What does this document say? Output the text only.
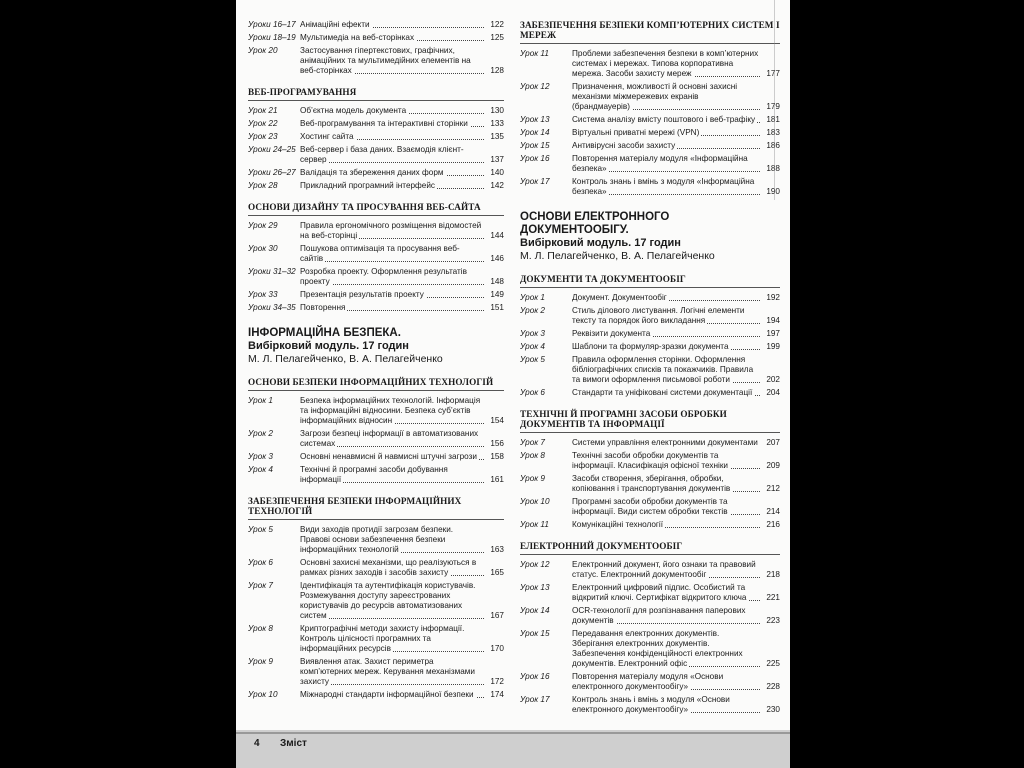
Уроки 16–17 Анімаційні ефекти	122
Уроки 18–19 Мультимедіа на веб-сторінках	125
Урок 20	Застосування гіпертекстових, графічних, анімаційних та мультимедійних елементів на веб-сторінках	128
ВЕБ-ПРОГРАМУВАННЯ
Урок 21	Об’єктна модель документа	130
Урок 22	Веб-програмування та інтерактивні сторінки	133
Урок 23	Хостинг сайта	135
Уроки 24–25 Веб-сервер і база даних. Взаємодія клієнт-сервер	137
Уроки 26–27 Валідація та збереження даних форм	140
Урок 28	Прикладний програмний інтерфейс	142
ОСНОВИ ДИЗАЙНУ ТА ПРОСУВАННЯ ВЕБ-САЙТА
Урок 29	Правила ергономічного розміщення відомостей на веб-сторінці	144
Урок 30	Пошукова оптимізація та просування веб-сайтів	146
Уроки 31–32 Розробка проекту. Оформлення результатів проекту	148
Урок 33	Презентація результатів проекту	149
Уроки 34–35 Повторення	151
ІНФОРМАЦІЙНА БЕЗПЕКА.
Вибірковий модуль. 17 годин
М. Л. Пелагейченко, В. А. Пелагейченко
ОСНОВИ БЕЗПЕКИ ІНФОРМАЦІЙНИХ ТЕХНОЛОГІЙ
Урок 1	Безпека інформаційних технологій. Інформація та інформаційні відносини. Безпека суб’єктів інформаційних відносин	154
Урок 2	Загрози безпеці інформації в автоматизованих системах	156
Урок 3	Основні ненавмисні й навмисні штучні загрози	158
Урок 4	Технічні й програмні засоби добування інформації	161
ЗАБЕЗПЕЧЕННЯ БЕЗПЕКИ ІНФОРМАЦІЙНИХ ТЕХНОЛОГІЙ
Урок 5	Види заходів протидії загрозам безпеки. Правові основи забезпечення безпеки інформаційних технологій	163
Урок 6	Основні захисні механізми, що реалізуються в рамках різних заходів і засобів захисту	165
Урок 7	Ідентифікація та аутентифікація користувачів. Розмежування доступу зареєстрованих користувачів до ресурсів автоматизованих систем	167
Урок 8	Криптографічні методи захисту інформації. Контроль цілісності програмних та інформаційних ресурсів	170
Урок 9	Виявлення атак. Захист периметра комп’ютерних мереж. Керування механізмами захисту	172
Урок 10	Міжнародні стандарти інформаційної безпеки	174
ЗАБЕЗПЕЧЕННЯ БЕЗПЕКИ КОМП’ЮТЕРНИХ СИСТЕМ І МЕРЕЖ
Урок 11	Проблеми забезпечення безпеки в комп’ютерних системах і мережах. Типова корпоративна мережа. Засоби захисту мереж	177
Урок 12	Призначення, можливості й основні захисні механізми міжмережевих екранів (брандмауерів)	179
Урок 13	Система аналізу вмісту поштового і веб-трафіку	181
Урок 14	Віртуальні приватні мережі (VPN)	183
Урок 15	Антивірусні засоби захисту	186
Урок 16	Повторення матеріалу модуля «Інформаційна безпека»	188
Урок 17	Контроль знань і вмінь з модуля «Інформаційна безпека»	190
ОСНОВИ ЕЛЕКТРОННОГО ДОКУМЕНТООБІГУ.
Вибірковий модуль. 17 годин
М. Л. Пелагейченко, В. А. Пелагейченко
ДОКУМЕНТИ ТА ДОКУМЕНТООБІГ
Урок 1	Документ. Документообіг	192
Урок 2	Стиль ділового листування. Логічні елементи тексту та порядок його викладання	194
Урок 3	Реквізити документа	197
Урок 4	Шаблони та формуляр-зразки документа	199
Урок 5	Правила оформлення сторінки. Оформлення бібліографічних списків та покажчиків. Правила та вимоги оформлення письмової роботи	202
Урок 6	Стандарти та уніфіковані системи документації	204
ТЕХНІЧНІ Й ПРОГРАМНІ ЗАСОБИ ОБРОБКИ ДОКУМЕНТІВ ТА ІНФОРМАЦІЇ
Урок 7	Системи управління електронними документами	207
Урок 8	Технічні засоби обробки документів та інформації. Класифікація офісної техніки	209
Урок 9	Засоби створення, зберігання, обробки, копіювання і транспортування документів	212
Урок 10	Програмні засоби обробки документів та інформації. Види систем обробки текстів	214
Урок 11	Комунікаційні технології	216
ЕЛЕКТРОННИЙ ДОКУМЕНТООБІГ
Урок 12	Електронний документ, його ознаки та правовий статус. Електронний документообіг	218
Урок 13	Електронний цифровий підпис. Особистий та відкритий ключі. Сертифікат відкритого ключа	221
Урок 14	OCR-технології для розпізнавання паперових документів	223
Урок 15	Передавання електронних документів. Зберігання електронних документів. Забезпечення конфіденційності електронних документів. Електронний офіс	225
Урок 16	Повторення матеріалу модуля «Основи електронного документообігу»	228
Урок 17	Контроль знань і вмінь з модуля «Основи електронного документообігу»	230
4 Зміст
